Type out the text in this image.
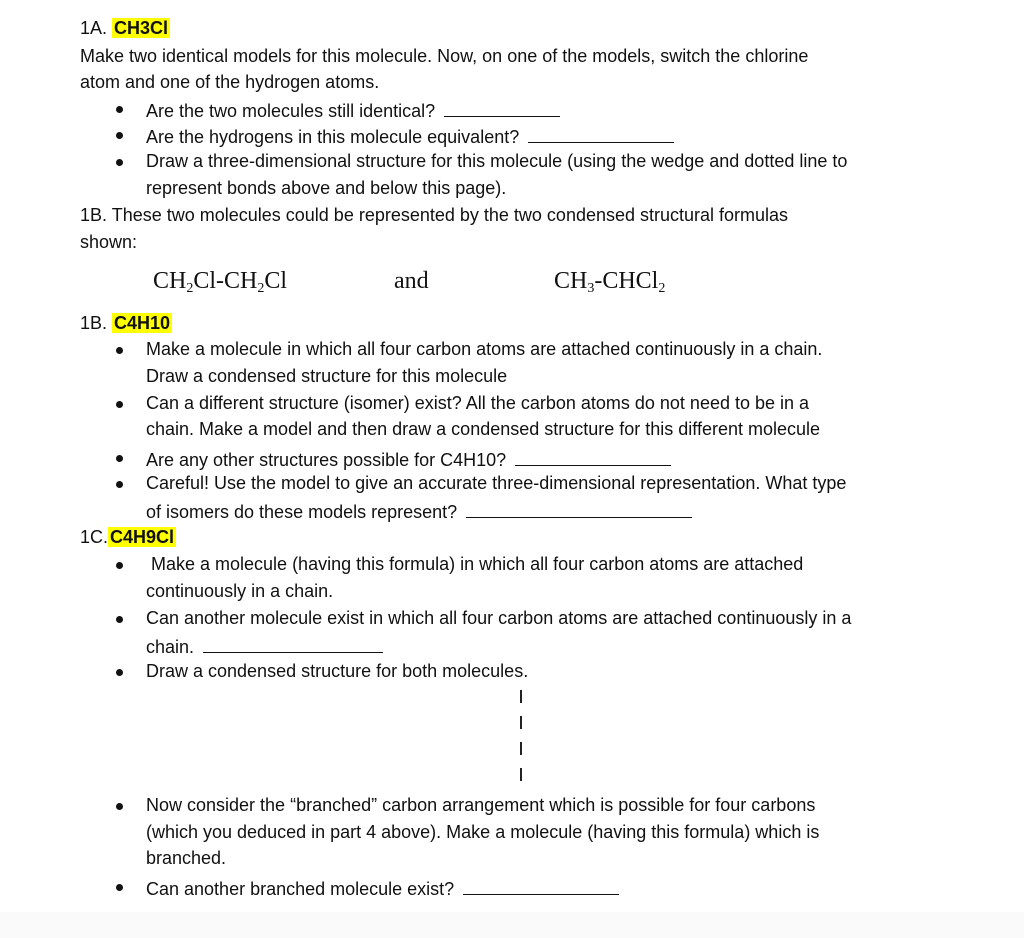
1A. CH3Cl
Make two identical models for this molecule. Now, on one of the models, switch the chlorine
atom and one of the hydrogen atoms.
Are the two molecules still identical?
Are the hydrogens in this molecule equivalent?
Draw a three-dimensional structure for this molecule (using the wedge and dotted line to
represent bonds above and below this page).
1B. These two molecules could be represented by the two condensed structural formulas
shown:
$CH_2Cl-CH_2Cl$	and	$CH_3-CHCl_2$
1B. C4H10
Make a molecule in which all four carbon atoms are attached continuously in a chain.
Draw a condensed structure for this molecule
Can a different structure (isomer) exist? All the carbon atoms do not need to be in a
chain. Make a model and then draw a condensed structure for this different molecule
Are any other structures possible for C4H10?
Careful! Use the model to give an accurate three-dimensional representation. What type
of isomers do these models represent?
1C. C4H9Cl
Make a molecule (having this formula) in which all four carbon atoms are attached
continuously in a chain.
Can another molecule exist in which all four carbon atoms are attached continuously in a
chain.
Draw a condensed structure for both molecules.
Now consider the “branched” carbon arrangement which is possible for four carbons
(which you deduced in part 4 above). Make a molecule (having this formula) which is
branched.
Can another branched molecule exist?
